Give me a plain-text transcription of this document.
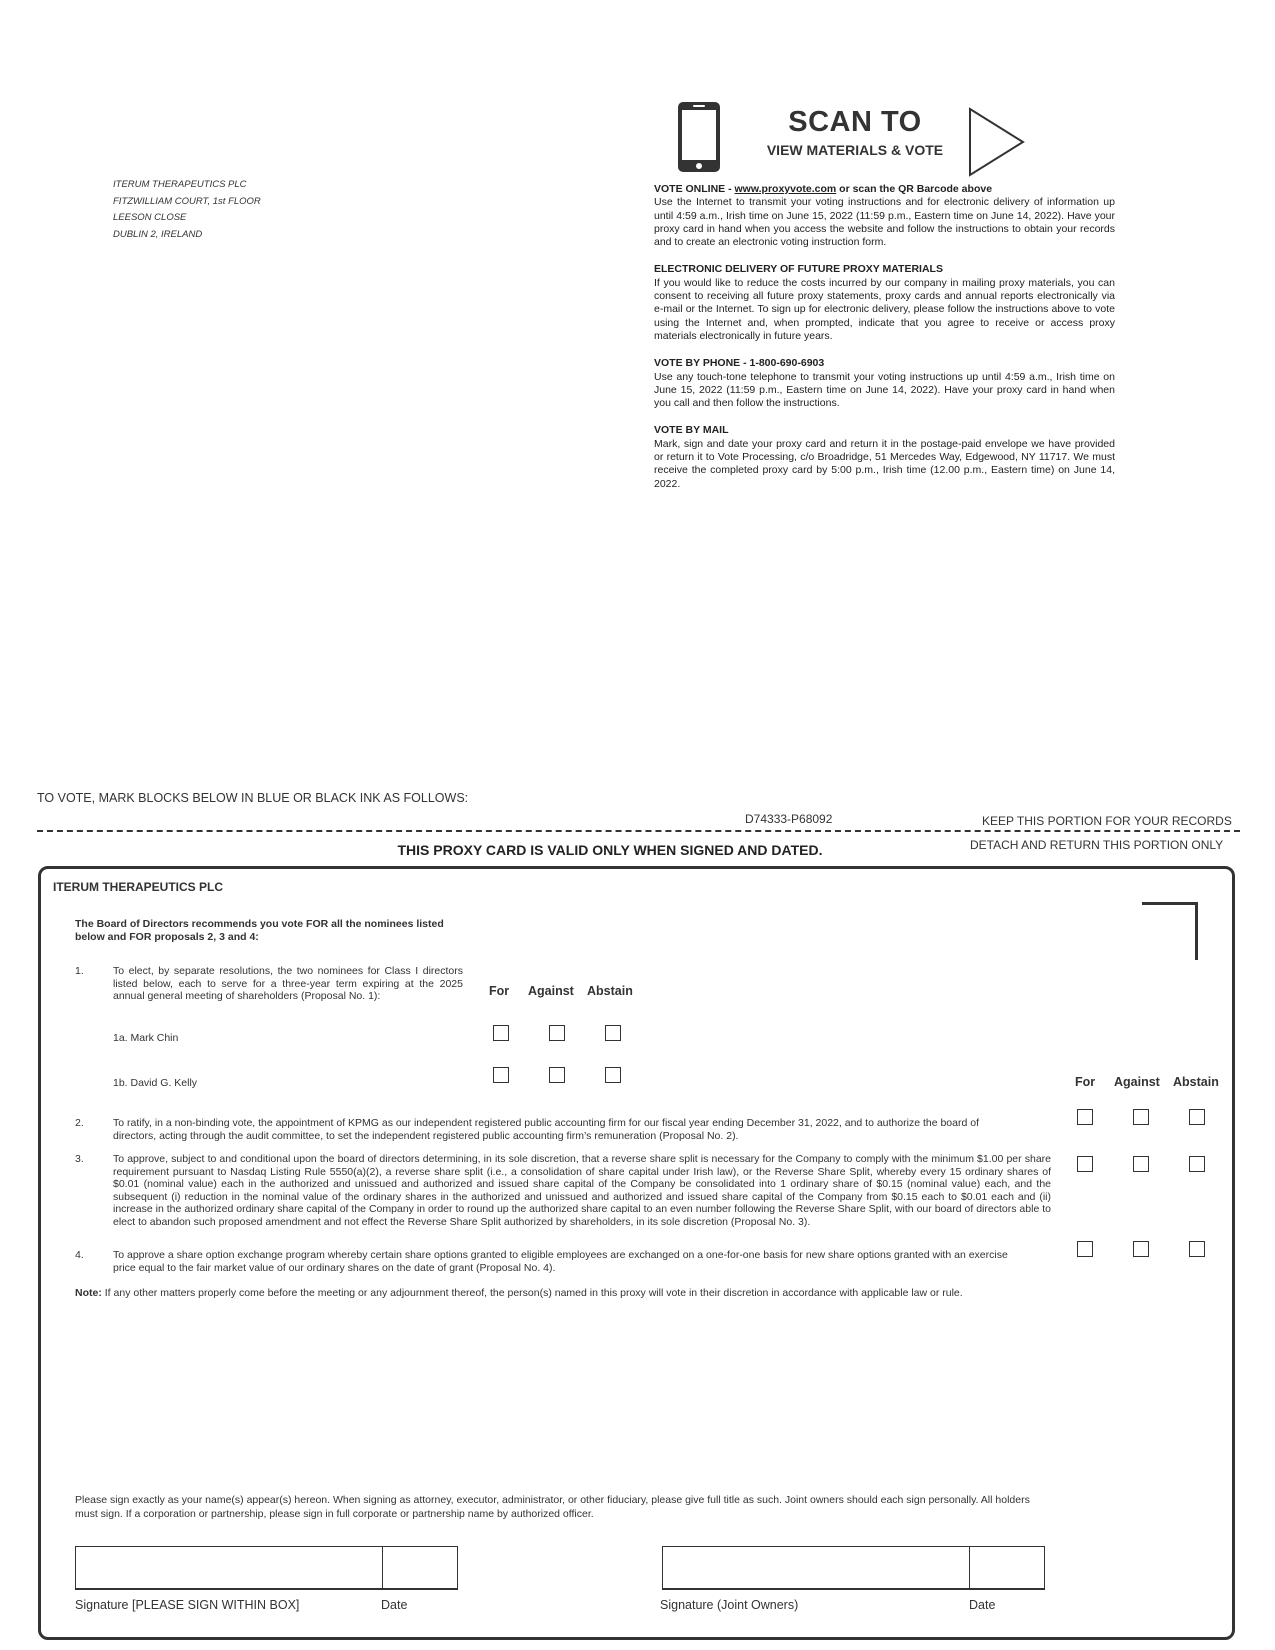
ITERUM THERAPEUTICS PLC
FITZWILLIAM COURT, 1st FLOOR
LEESON CLOSE
DUBLIN 2, IRELAND
SCAN TO
VIEW MATERIALS & VOTE
VOTE ONLINE - www.proxyvote.com or scan the QR Barcode above
Use the Internet to transmit your voting instructions and for electronic delivery of information up until 4:59 a.m., Irish time on June 15, 2022 (11:59 p.m., Eastern time on June 14, 2022). Have your proxy card in hand when you access the website and follow the instructions to obtain your records and to create an electronic voting instruction form.
ELECTRONIC DELIVERY OF FUTURE PROXY MATERIALS
If you would like to reduce the costs incurred by our company in mailing proxy materials, you can consent to receiving all future proxy statements, proxy cards and annual reports electronically via e-mail or the Internet. To sign up for electronic delivery, please follow the instructions above to vote using the Internet and, when prompted, indicate that you agree to receive or access proxy materials electronically in future years.
VOTE BY PHONE - 1-800-690-6903
Use any touch-tone telephone to transmit your voting instructions up until 4:59 a.m., Irish time on June 15, 2022 (11:59 p.m., Eastern time on June 14, 2022). Have your proxy card in hand when you call and then follow the instructions.
VOTE BY MAIL
Mark, sign and date your proxy card and return it in the postage-paid envelope we have provided or return it to Vote Processing, c/o Broadridge, 51 Mercedes Way, Edgewood, NY 11717. We must receive the completed proxy card by 5:00 p.m., Irish time (12.00 p.m., Eastern time) on June 14, 2022.
TO VOTE, MARK BLOCKS BELOW IN BLUE OR BLACK INK AS FOLLOWS:
D74333-P68092	KEEP THIS PORTION FOR YOUR RECORDS
THIS PROXY CARD IS VALID ONLY WHEN SIGNED AND DATED.	DETACH AND RETURN THIS PORTION ONLY
ITERUM THERAPEUTICS PLC
The Board of Directors recommends you vote FOR all the nominees listed below and FOR proposals 2, 3 and 4:
1.	To elect, by separate resolutions, the two nominees for Class I directors listed below, each to serve for a three-year term expiring at the 2025 annual general meeting of shareholders (Proposal No. 1):	For Against Abstain
1a. Mark Chin
1b. David G. Kelly	For Against Abstain
2.	To ratify, in a non-binding vote, the appointment of KPMG as our independent registered public accounting firm for our fiscal year ending December 31, 2022, and to authorize the board of directors, acting through the audit committee, to set the independent registered public accounting firm’s remuneration (Proposal No. 2).
3.	To approve, subject to and conditional upon the board of directors determining, in its sole discretion, that a reverse share split is necessary for the Company to comply with the minimum $1.00 per share requirement pursuant to Nasdaq Listing Rule 5550(a)(2), a reverse share split (i.e., a consolidation of share capital under Irish law), or the Reverse Share Split, whereby every 15 ordinary shares of $0.01 (nominal value) each in the authorized and unissued and authorized and issued share capital of the Company be consolidated into 1 ordinary share of $0.15 (nominal value) each, and the subsequent (i) reduction in the nominal value of the ordinary shares in the authorized and unissued and authorized and issued share capital of the Company from $0.15 each to $0.01 each and (ii) increase in the authorized ordinary share capital of the Company in order to round up the authorized share capital to an even number following the Reverse Share Split, with our board of directors able to elect to abandon such proposed amendment and not effect the Reverse Share Split authorized by shareholders, in its sole discretion (Proposal No. 3).
4.	To approve a share option exchange program whereby certain share options granted to eligible employees are exchanged on a one-for-one basis for new share options granted with an exercise price equal to the fair market value of our ordinary shares on the date of grant (Proposal No. 4).
Note: If any other matters properly come before the meeting or any adjournment thereof, the person(s) named in this proxy will vote in their discretion in accordance with applicable law or rule.
Please sign exactly as your name(s) appear(s) hereon. When signing as attorney, executor, administrator, or other fiduciary, please give full title as such. Joint owners should each sign personally. All holders must sign. If a corporation or partnership, please sign in full corporate or partnership name by authorized officer.
Signature [PLEASE SIGN WITHIN BOX]	Date	Signature (Joint Owners)	Date
